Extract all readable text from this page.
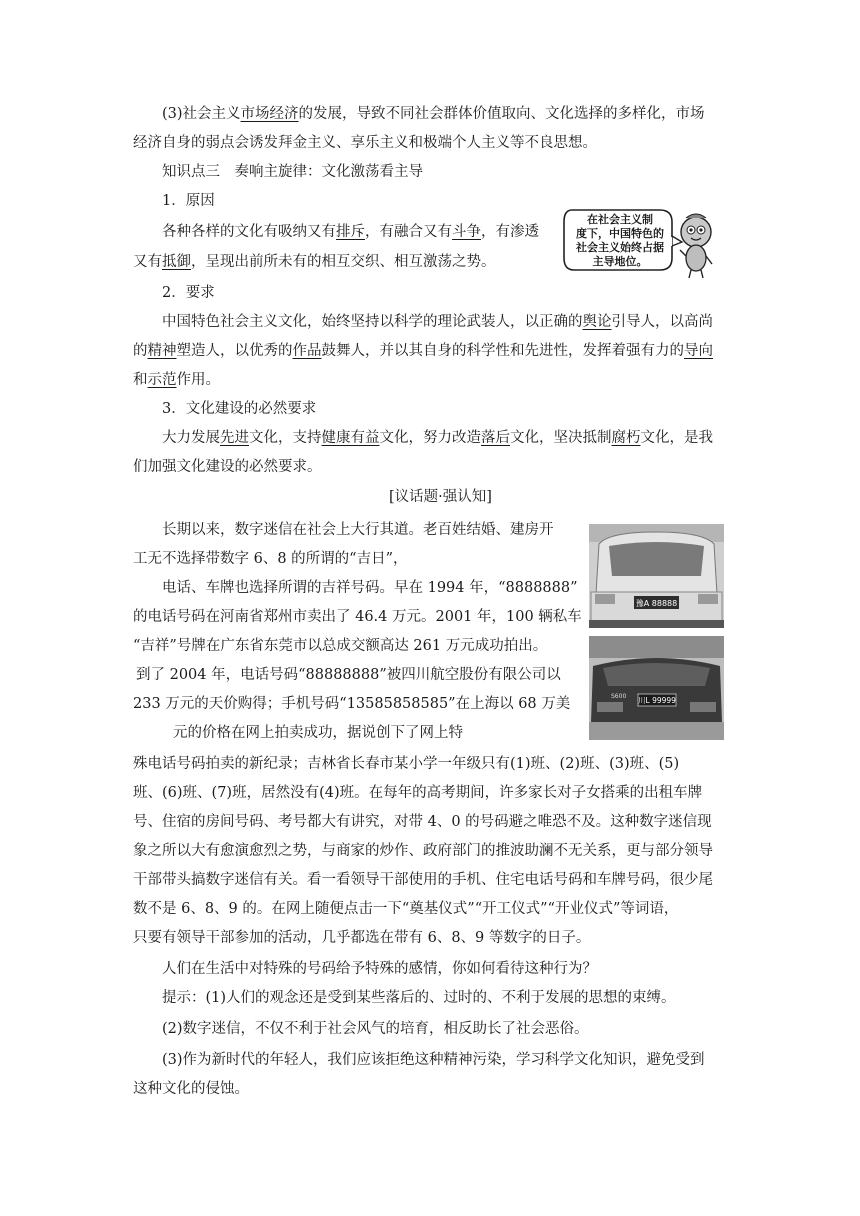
(3)社会主义市场经济的发展，导致不同社会群体价值取向、文化选择的多样化，市场
经济自身的弱点会诱发拜金主义、享乐主义和极端个人主义等不良思想。
知识点三　奏响主旋律：文化激荡看主导
1．原因
各种各样的文化有吸纳又有排斥，有融合又有斗争，有渗透
又有抵御，呈现出前所未有的相互交织、相互激荡之势。
在社会主义制
度下，中国特色的
社会主义始终占据
主导地位。
2．要求
中国特色社会主义文化，始终坚持以科学的理论武装人，以正确的舆论引导人，以高尚
的精神塑造人，以优秀的作品鼓舞人，并以其自身的科学性和先进性，发挥着强有力的导向
和示范作用。
3．文化建设的必然要求
大力发展先进文化，支持健康有益文化，努力改造落后文化，坚决抵制腐朽文化，是我
们加强文化建设的必然要求。
[议话题·强认知]
长期以来，数字迷信在社会上大行其道。老百姓结婚、建房开
工无不选择带数字 6、8 的所谓的“吉日”，
电话、车牌也选择所谓的吉祥号码。早在 1994 年，“8888888”
的电话号码在河南省郑州市卖出了 46.4 万元。2001 年，100 辆私车
“吉祥”号牌在广东省东莞市以总成交额高达 261 万元成功拍出。
到了 2004 年，电话号码“88888888”被四川航空股份有限公司以
233 万元的天价购得；手机号码“13585858585”在上海以 68 万美
元的价格在网上拍卖成功，据说创下了网上特
豫A 88888
S600 川L 99999
殊电话号码拍卖的新纪录；吉林省长春市某小学一年级只有(1)班、(2)班、(3)班、(5)
班、(6)班、(7)班，居然没有(4)班。在每年的高考期间，许多家长对子女搭乘的出租车牌
号、住宿的房间号码、考号都大有讲究，对带 4、0 的号码避之唯恐不及。这种数字迷信现
象之所以大有愈演愈烈之势，与商家的炒作、政府部门的推波助澜不无关系，更与部分领导
干部带头搞数字迷信有关。看一看领导干部使用的手机、住宅电话号码和车牌号码，很少尾
数不是 6、8、9 的。在网上随便点击一下“奠基仪式”“开工仪式”“开业仪式”等词语，
只要有领导干部参加的活动，几乎都选在带有 6、8、9 等数字的日子。
人们在生活中对特殊的号码给予特殊的感情，你如何看待这种行为？
提示：(1)人们的观念还是受到某些落后的、过时的、不利于发展的思想的束缚。
(2)数字迷信，不仅不利于社会风气的培育，相反助长了社会恶俗。
(3)作为新时代的年轻人，我们应该拒绝这种精神污染，学习科学文化知识，避免受到
这种文化的侵蚀。
